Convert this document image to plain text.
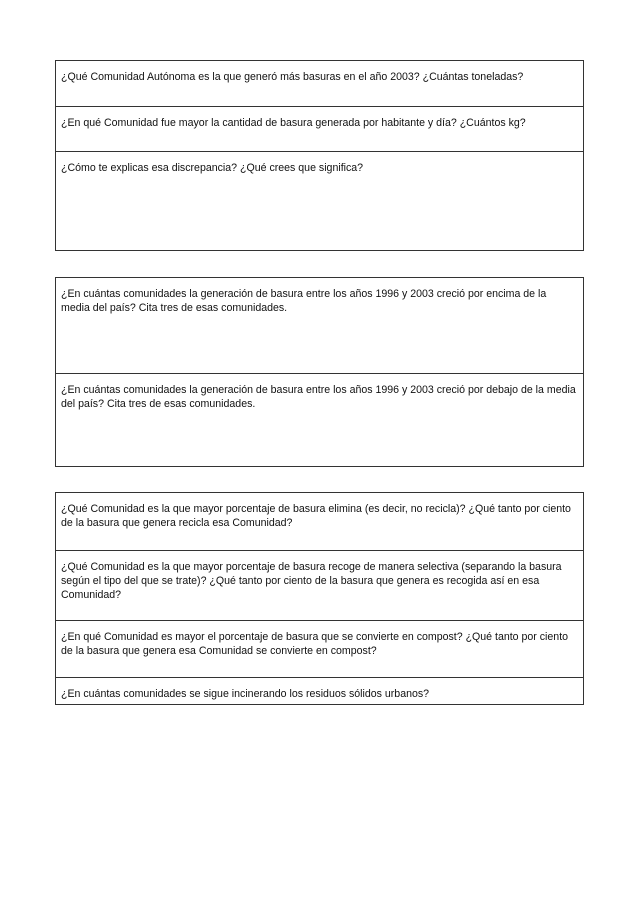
¿Qué Comunidad Autónoma es la que generó más basuras en el año 2003? ¿Cuántas toneladas?
¿En qué Comunidad fue mayor la cantidad de basura generada por habitante y día? ¿Cuántos kg?
¿Cómo te explicas esa discrepancia? ¿Qué crees que significa?
¿En cuántas comunidades la generación de basura entre los años 1996 y 2003 creció por encima de la media del país? Cita tres de esas comunidades.
¿En cuántas comunidades la generación de basura entre los años 1996 y 2003 creció por debajo de la media del país? Cita tres de esas comunidades.
¿Qué Comunidad es la que mayor porcentaje de basura elimina (es decir, no recicla)? ¿Qué tanto por ciento de la basura que genera recicla esa Comunidad?
¿Qué Comunidad es la que mayor porcentaje de basura recoge de manera selectiva (separando la basura según el tipo del que se trate)? ¿Qué tanto por ciento de la basura que genera es recogida así en esa Comunidad?
¿En qué Comunidad es mayor el porcentaje de basura que se convierte en compost? ¿Qué tanto por ciento de la basura que genera esa Comunidad se convierte en compost?
¿En cuántas comunidades se sigue incinerando los residuos sólidos urbanos?
